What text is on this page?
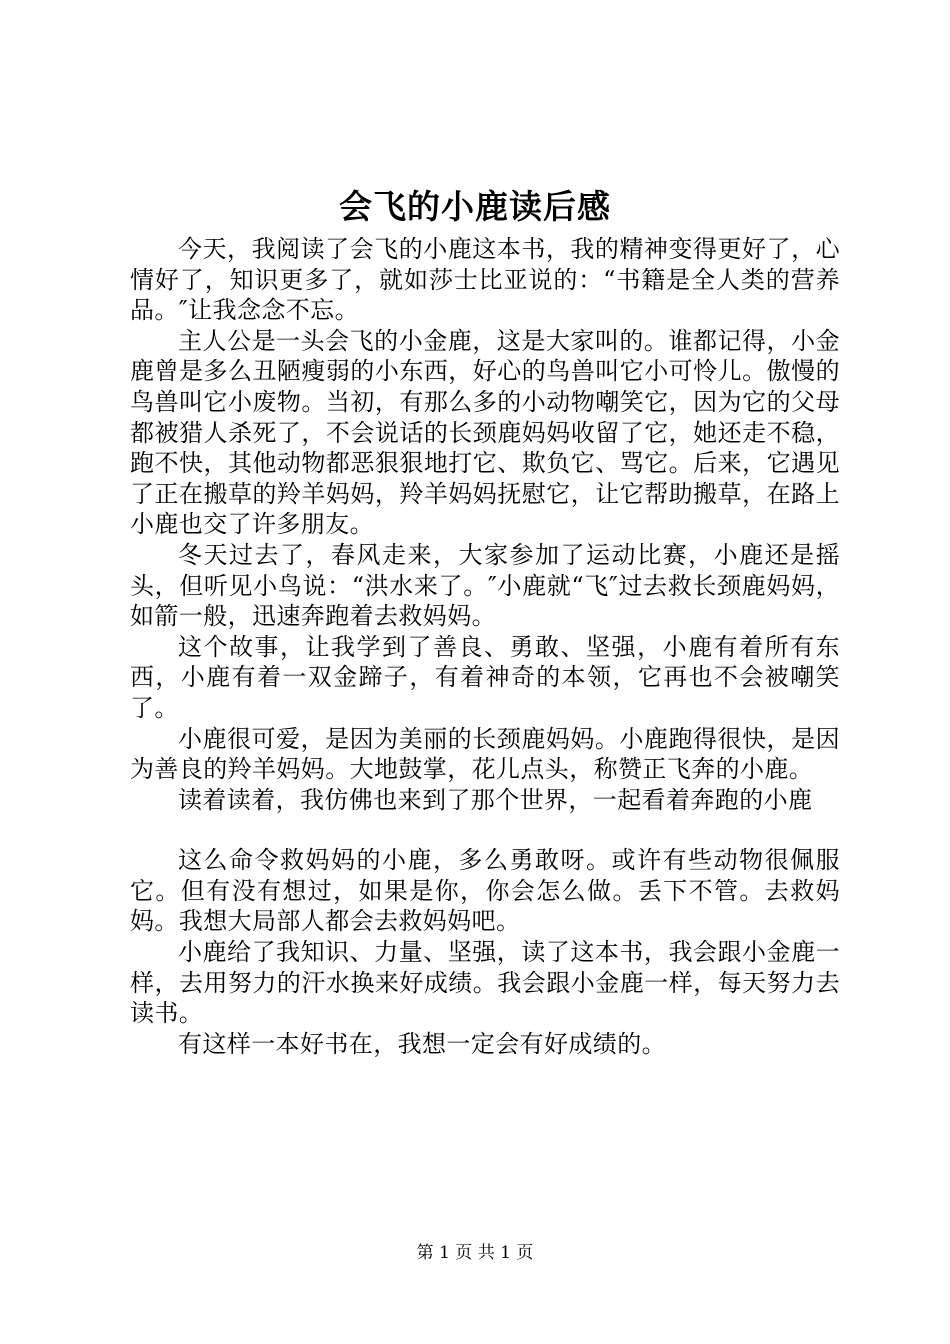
会飞的小鹿读后感

今天，我阅读了会飞的小鹿这本书，我的精神变得更好了，心情好了，知识更多了，就如莎士比亚说的：“书籍是全人类的营养品。″让我念念不忘。

主人公是一头会飞的小金鹿，这是大家叫的。谁都记得，小金鹿曾是多么丑陋瘦弱的小东西，好心的鸟兽叫它小可怜儿。傲慢的鸟兽叫它小废物。当初，有那么多的小动物嘲笑它，因为它的父母都被猎人杀死了，不会说话的长颈鹿妈妈收留了它，她还走不稳，跑不快，其他动物都恶狠狠地打它、欺负它、骂它。后来，它遇见了正在搬草的羚羊妈妈，羚羊妈妈抚慰它，让它帮助搬草，在路上小鹿也交了许多朋友。

冬天过去了，春风走来，大家参加了运动比赛，小鹿还是摇头，但听见小鸟说：“洪水来了。″小鹿就“飞″过去救长颈鹿妈妈，如箭一般，迅速奔跑着去救妈妈。

这个故事，让我学到了善良、勇敢、坚强，小鹿有着所有东西，小鹿有着一双金蹄子，有着神奇的本领，它再也不会被嘲笑了。

小鹿很可爱，是因为美丽的长颈鹿妈妈。小鹿跑得很快，是因为善良的羚羊妈妈。大地鼓掌，花儿点头，称赞正飞奔的小鹿。

读着读着，我仿佛也来到了那个世界，一起看着奔跑的小鹿

这么命令救妈妈的小鹿，多么勇敢呀。或许有些动物很佩服它。但有没有想过，如果是你，你会怎么做。丢下不管。去救妈妈。我想大局部人都会去救妈妈吧。

小鹿给了我知识、力量、坚强，读了这本书，我会跟小金鹿一样，去用努力的汗水换来好成绩。我会跟小金鹿一样，每天努力去读书。

有这样一本好书在，我想一定会有好成绩的。

第 1 页 共 1 页
